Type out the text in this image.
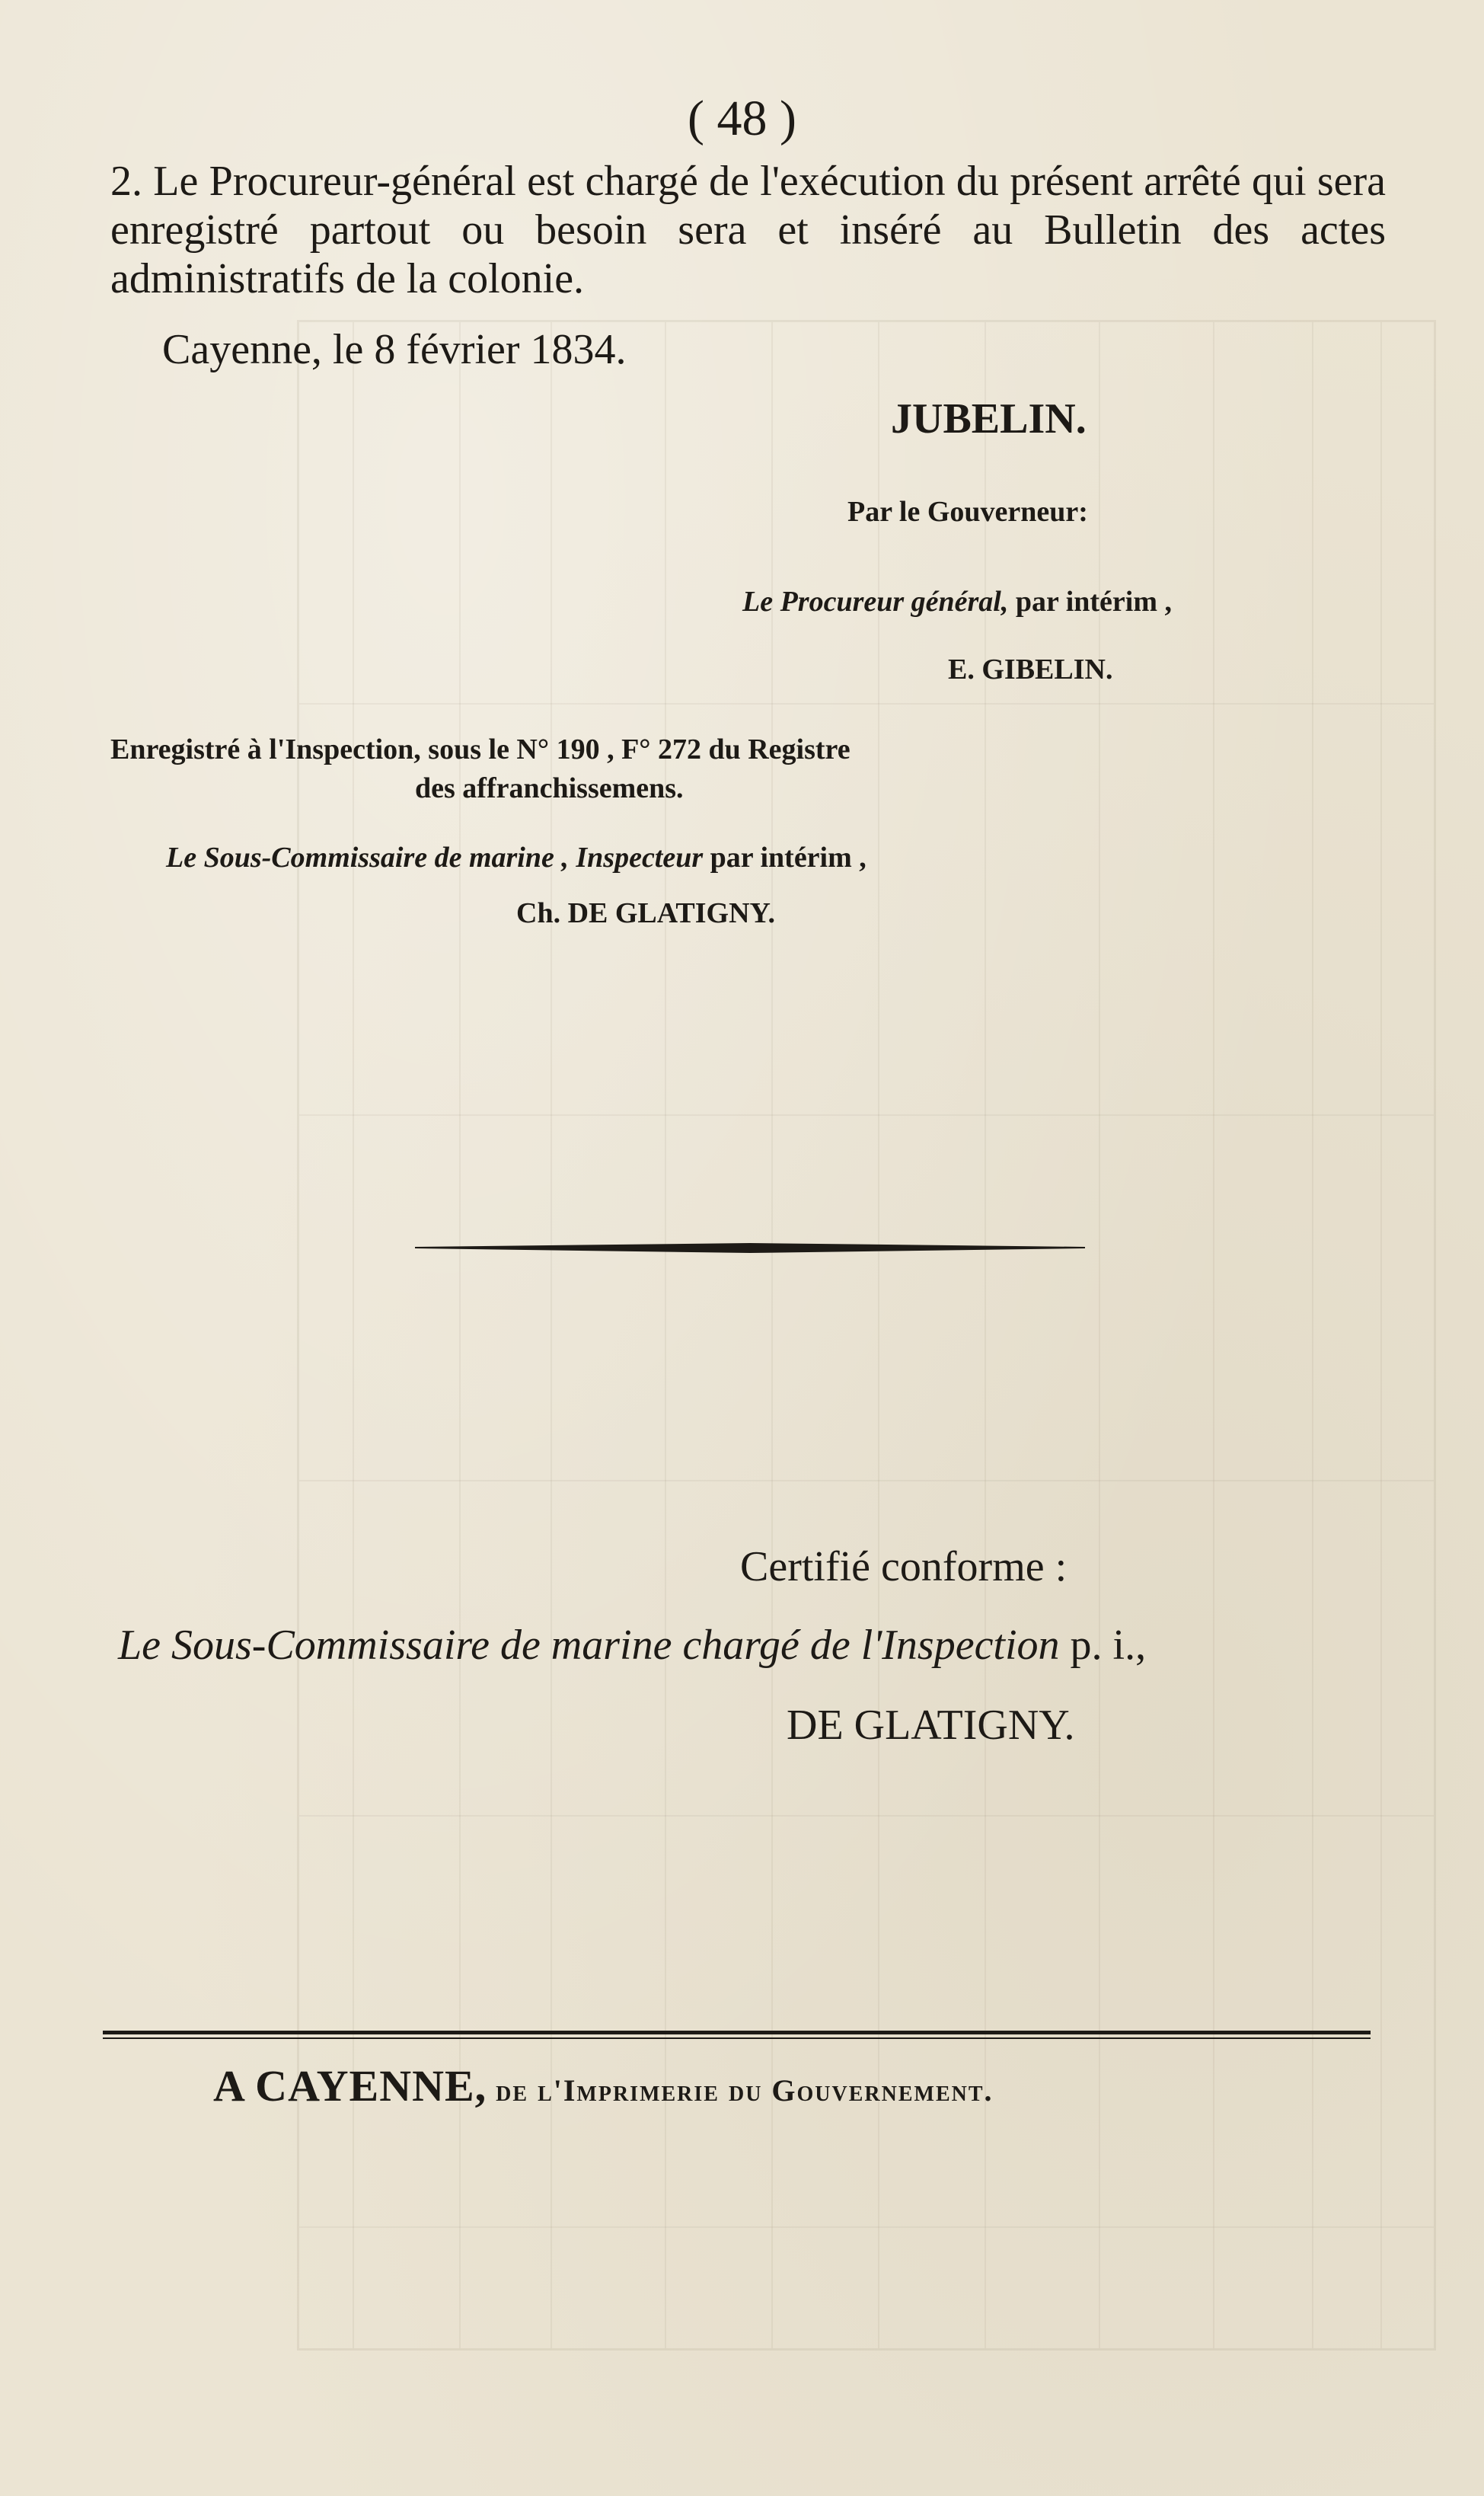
( 48 )
2. Le Procureur-général est chargé de l'exécution du présent arrêté qui sera enregistré partout ou besoin sera et inséré au Bulletin des actes administratifs de la colonie.
Cayenne, le 8 février 1834.
JUBELIN.
Par le Gouverneur:
Le Procureur général, par intérim ,
E. GIBELIN.
Enregistré à l'Inspection, sous le N° 190 , F° 272 du Registre
des affranchissemens.
Le Sous-Commissaire de marine , Inspecteur par intérim ,
Ch. DE GLATIGNY.
Certifié conforme :
Le Sous-Commissaire de marine chargé de l'Inspection p. i.,
DE GLATIGNY.
A CAYENNE, de l'Imprimerie du Gouvernement.
